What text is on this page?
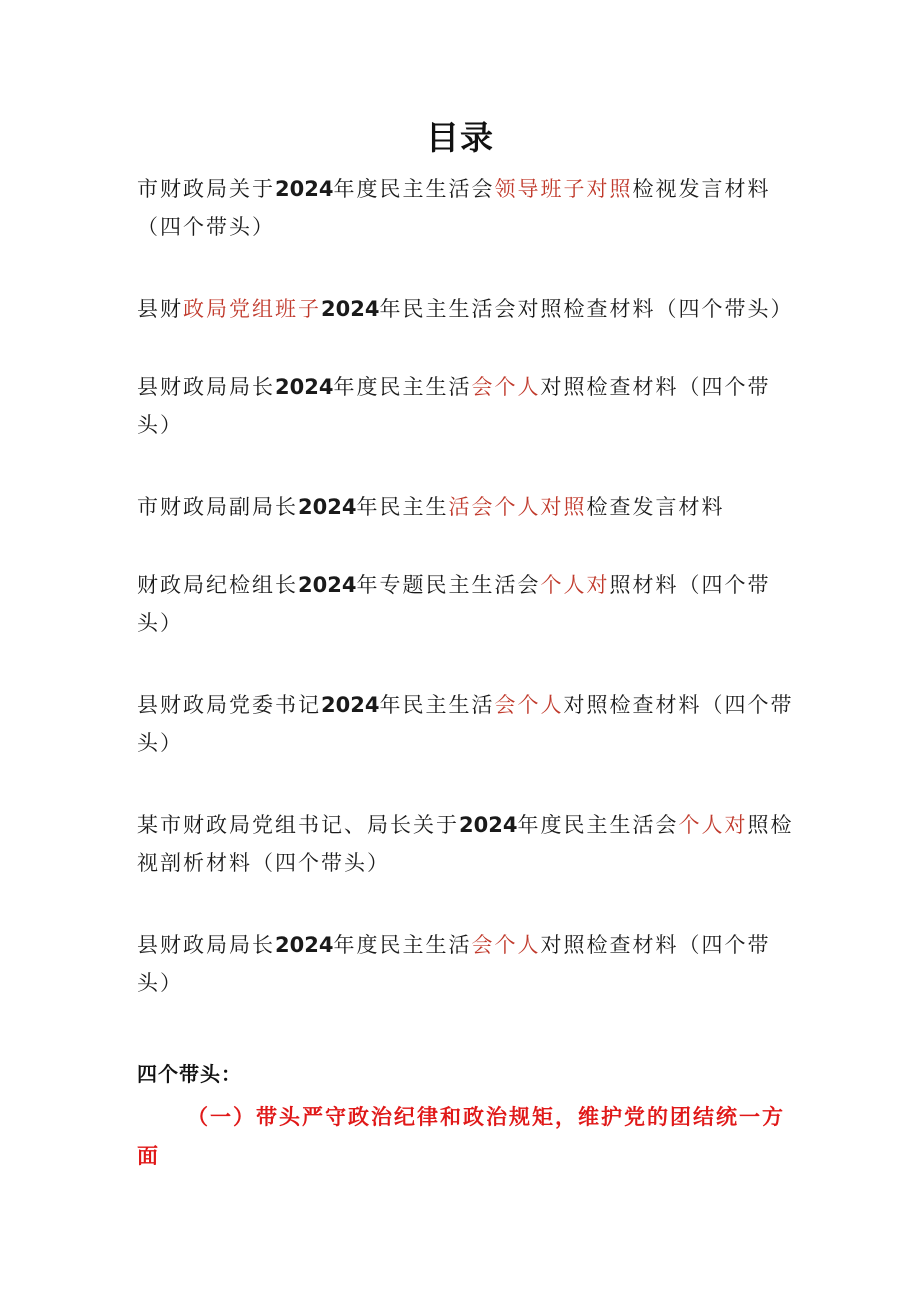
目录
市财政局关于2024年度民主生活会领导班子对照检视发言材料（四个带头）
县财政局党组班子2024年民主生活会对照检查材料（四个带头）
县财政局局长2024年度民主生活会个人对照检查材料（四个带头）
市财政局副局长2024年民主生活会个人对照检查发言材料
财政局纪检组长2024年专题民主生活会个人对照材料（四个带头）
县财政局党委书记2024年民主生活会个人对照检查材料（四个带头）
某市财政局党组书记、局长关于2024年度民主生活会个人对照检视剖析材料（四个带头）
县财政局局长2024年度民主生活会个人对照检查材料（四个带头）
四个带头：
（一）带头严守政治纪律和政治规矩，维护党的团结统一方面
